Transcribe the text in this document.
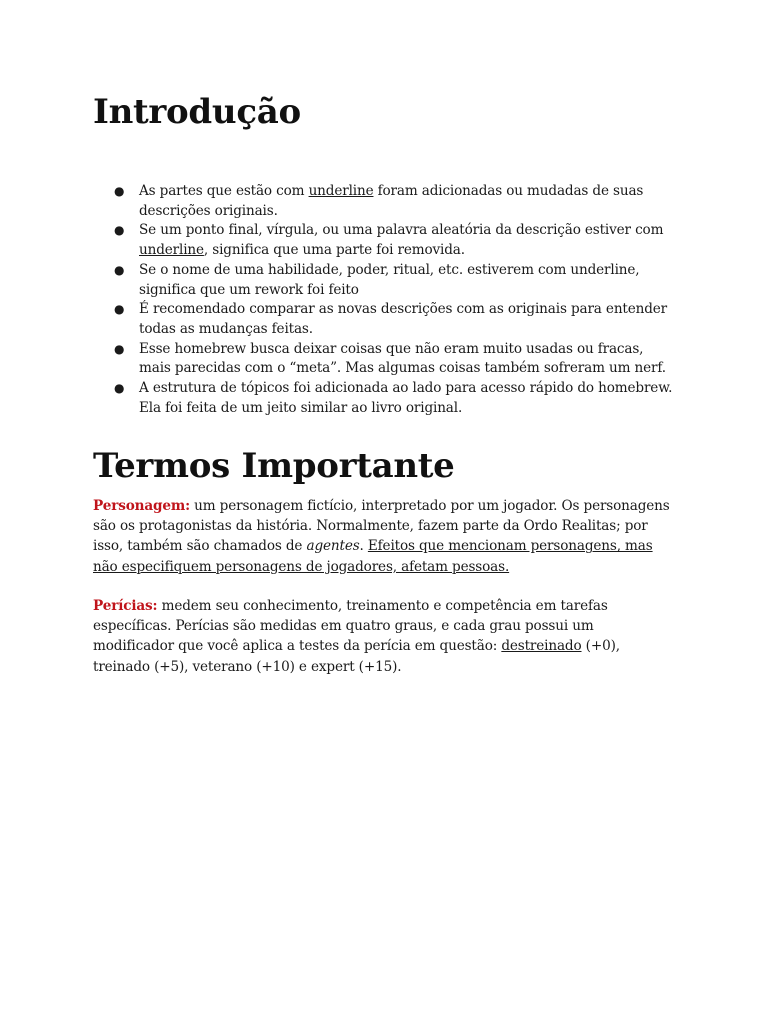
Introdução
● As partes que estão com underline foram adicionadas ou mudadas de suas descrições originais.
● Se um ponto final, vírgula, ou uma palavra aleatória da descrição estiver com underline, significa que uma parte foi removida.
● Se o nome de uma habilidade, poder, ritual, etc. estiverem com underline, significa que um rework foi feito
● É recomendado comparar as novas descrições com as originais para entender todas as mudanças feitas.
● Esse homebrew busca deixar coisas que não eram muito usadas ou fracas, mais parecidas com o “meta”. Mas algumas coisas também sofreram um nerf.
● A estrutura de tópicos foi adicionada ao lado para acesso rápido do homebrew. Ela foi feita de um jeito similar ao livro original.
Termos Importante

Personagem: um personagem fictício, interpretado por um jogador. Os personagens são os protagonistas da história. Normalmente, fazem parte da Ordo Realitas; por isso, também são chamados de agentes. Efeitos que mencionam personagens, mas não especifiquem personagens de jogadores, afetam pessoas.

Perícias: medem seu conhecimento, treinamento e competência em tarefas específicas. Perícias são medidas em quatro graus, e cada grau possui um modificador que você aplica a testes da perícia em questão: destreinado (+0), treinado (+5), veterano (+10) e expert (+15).
